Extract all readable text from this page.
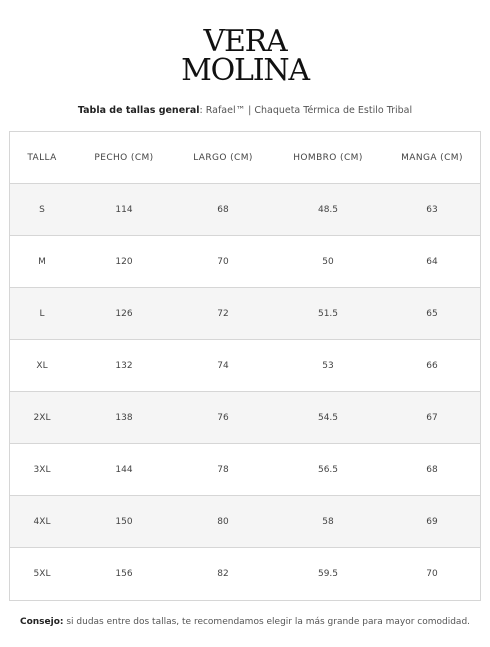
VERA
MOLINA
Tabla de tallas general: Rafael™ | Chaqueta Térmica de Estilo Tribal
TALLA	PECHO (CM)	LARGO (CM)	HOMBRO (CM)	MANGA (CM)
S	114	68	48.5	63
M	120	70	50	64
L	126	72	51.5	65
XL	132	74	53	66
2XL	138	76	54.5	67
3XL	144	78	56.5	68
4XL	150	80	58	69
5XL	156	82	59.5	70
Consejo: si dudas entre dos tallas, te recomendamos elegir la más grande para mayor comodidad.
